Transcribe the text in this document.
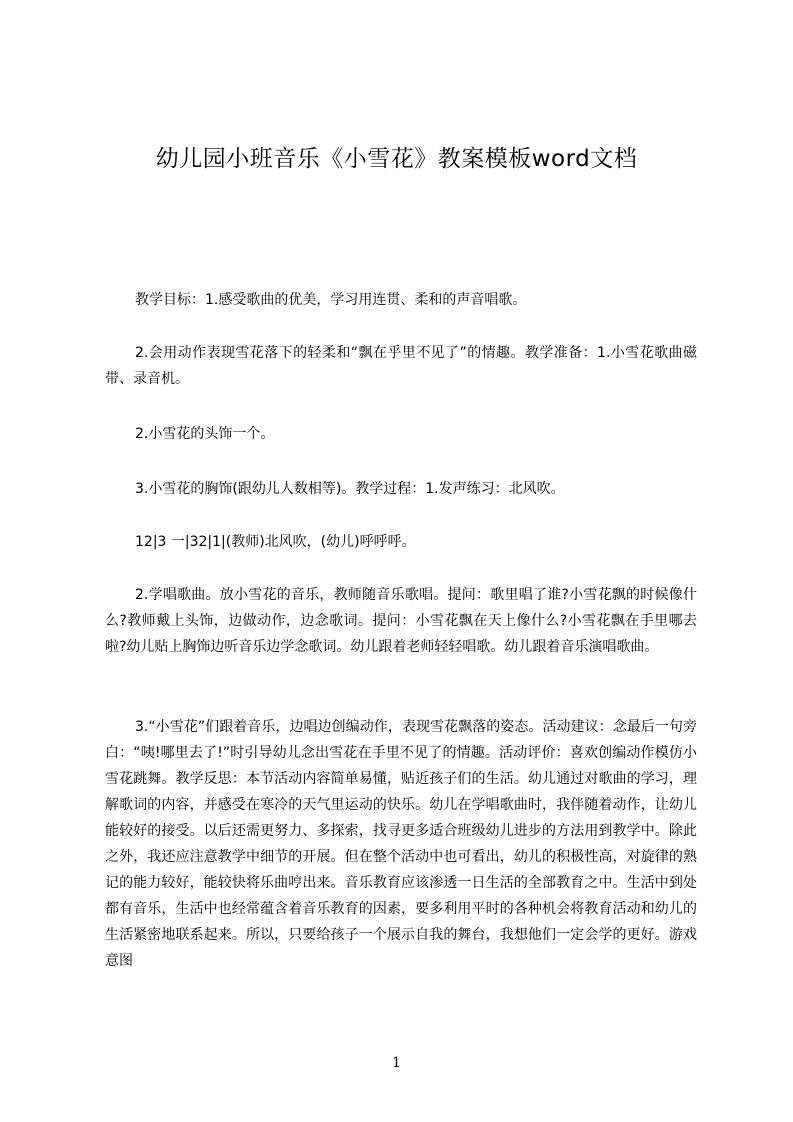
幼儿园小班音乐《小雪花》教案模板word文档

教学目标：1.感受歌曲的优美，学习用连贯、柔和的声音唱歌。

2.会用动作表现雪花落下的轻柔和“飘在乎里不见了”的情趣。教学准备：1.小雪花歌曲磁带、录音机。

2.小雪花的头饰一个。

3.小雪花的胸饰(跟幼儿人数相等)。教学过程：1.发声练习：北风吹。

12|3 一|32|1|(教师)北风吹，(幼儿)呼呼呼。

2.学唱歌曲。放小雪花的音乐，教师随音乐歌唱。提问：歌里唱了谁?小雪花飘的时候像什么?教师戴上头饰，边做动作，边念歌词。提问：小雪花飘在天上像什么?小雪花飘在手里哪去啦?幼儿贴上胸饰边听音乐边学念歌词。幼儿跟着老师轻轻唱歌。幼儿跟着音乐演唱歌曲。

3.“小雪花”们跟着音乐，边唱边创编动作，表现雪花飘落的姿态。活动建议：念最后一句旁白：“咦!哪里去了!”时引导幼儿念出雪花在手里不见了的情趣。活动评价：喜欢创编动作模仿小雪花跳舞。教学反思：本节活动内容简单易懂，贴近孩子们的生活。幼儿通过对歌曲的学习，理解歌词的内容，并感受在寒冷的天气里运动的快乐。幼儿在学唱歌曲时，我伴随着动作，让幼儿能较好的接受。以后还需更努力、多探索，找寻更多适合班级幼儿进步的方法用到教学中。除此之外，我还应注意教学中细节的开展。但在整个活动中也可看出，幼儿的积极性高，对旋律的熟记的能力较好，能较快将乐曲哼出来。音乐教育应该渗透一日生活的全部教育之中。生活中到处都有音乐，生活中也经常蕴含着音乐教育的因素，要多利用平时的各种机会将教育活动和幼儿的生活紧密地联系起来。所以，只要给孩子一个展示自我的舞台，我想他们一定会学的更好。游戏意图

1
